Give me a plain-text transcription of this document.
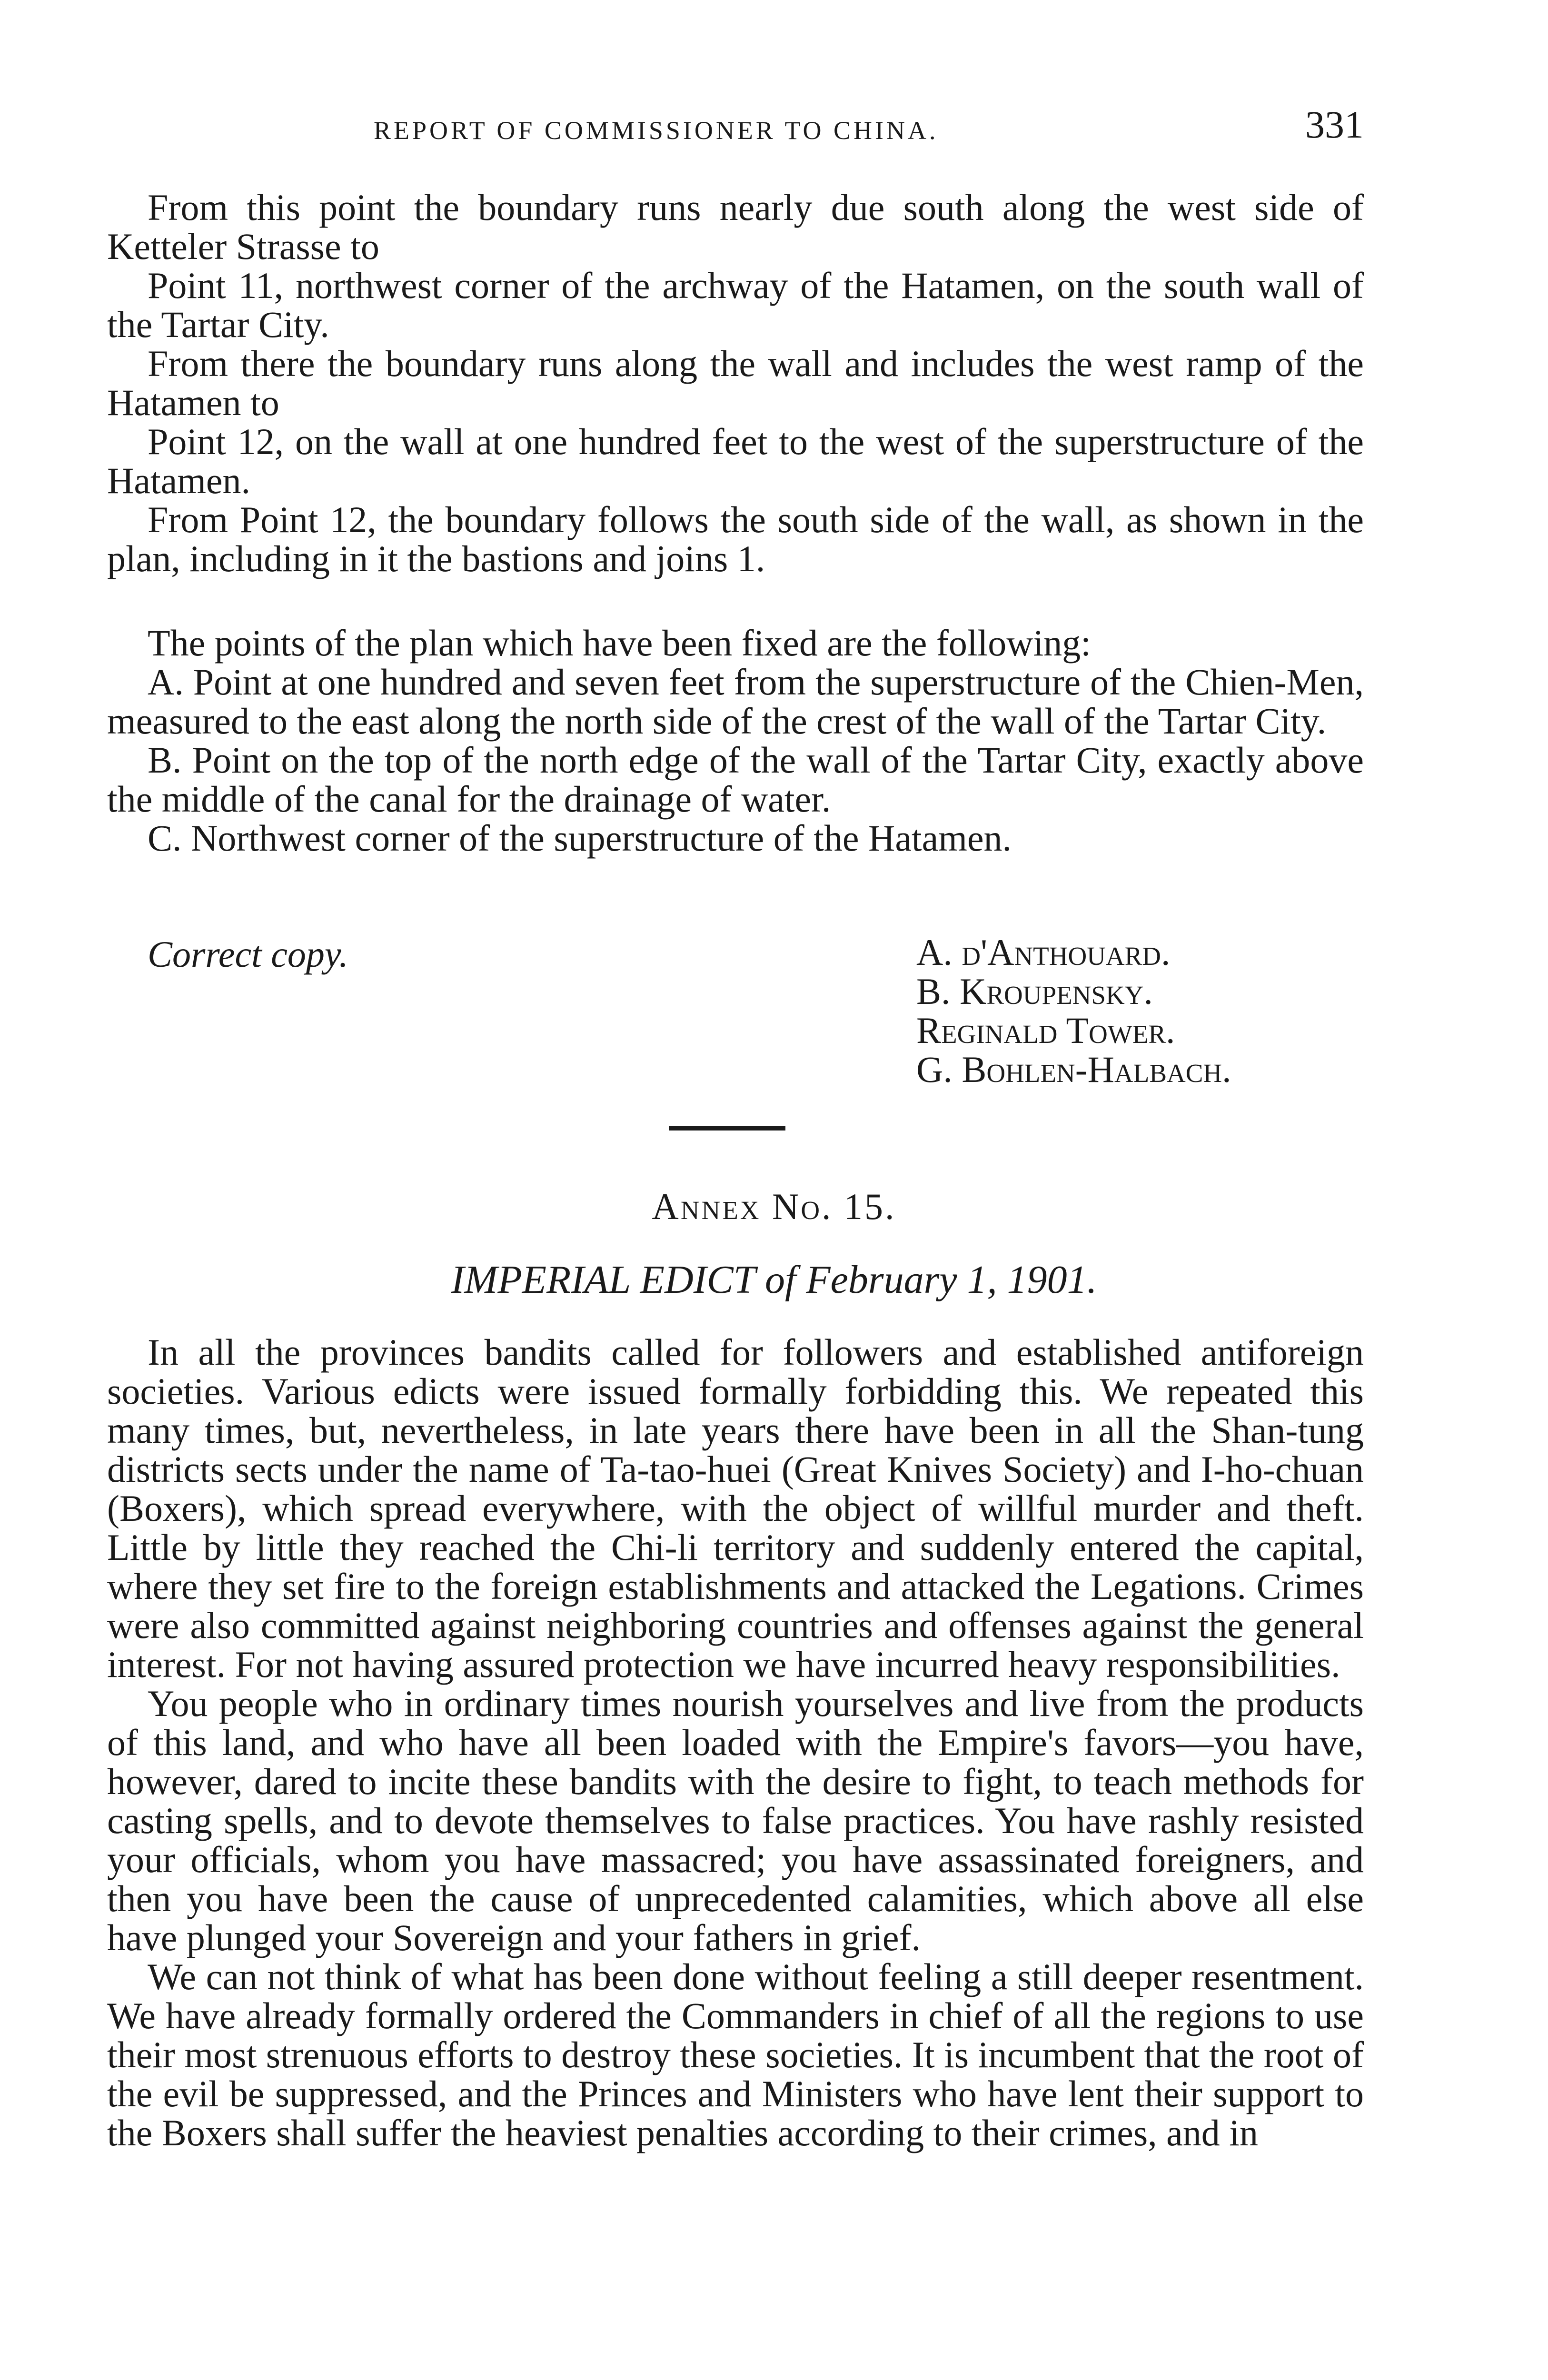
REPORT OF COMMISSIONER TO CHINA.	331

From this point the boundary runs nearly due south along the west side of Ketteler Strasse to

Point 11, northwest corner of the archway of the Hatamen, on the south wall of the Tartar City.

From there the boundary runs along the wall and includes the west ramp of the Hatamen to

Point 12, on the wall at one hundred feet to the west of the superstructure of the Hatamen.

From Point 12, the boundary follows the south side of the wall, as shown in the plan, including in it the bastions and joins 1.

The points of the plan which have been fixed are the following:

A. Point at one hundred and seven feet from the superstructure of the Chien-Men, measured to the east along the north side of the crest of the wall of the Tartar City.

B. Point on the top of the north edge of the wall of the Tartar City, exactly above the middle of the canal for the drainage of water.

C. Northwest corner of the superstructure of the Hatamen.

Correct copy.	A. d'Anthouard.
B. Kroupensky.
Reginald Tower.
G. Bohlen-Halbach.
Annex No. 15.
IMPERIAL EDICT of February 1, 1901.

In all the provinces bandits called for followers and established antiforeign societies. Various edicts were issued formally forbidding this. We repeated this many times, but, nevertheless, in late years there have been in all the Shan-tung districts sects under the name of Ta-tao-huei (Great Knives Society) and I-ho-chuan (Boxers), which spread everywhere, with the object of willful murder and theft. Little by little they reached the Chi-li territory and suddenly entered the capital, where they set fire to the foreign establishments and attacked the Legations. Crimes were also committed against neighboring countries and offenses against the general interest. For not having assured protection we have incurred heavy responsibilities.

You people who in ordinary times nourish yourselves and live from the products of this land, and who have all been loaded with the Empire's favors—you have, however, dared to incite these bandits with the desire to fight, to teach methods for casting spells, and to devote themselves to false practices. You have rashly resisted your officials, whom you have massacred; you have assassinated foreigners, and then you have been the cause of unprecedented calamities, which above all else have plunged your Sovereign and your fathers in grief.

We can not think of what has been done without feeling a still deeper resentment. We have already formally ordered the Commanders in chief of all the regions to use their most strenuous efforts to destroy these societies. It is incumbent that the root of the evil be suppressed, and the Princes and Ministers who have lent their support to the Boxers shall suffer the heaviest penalties according to their crimes, and in
